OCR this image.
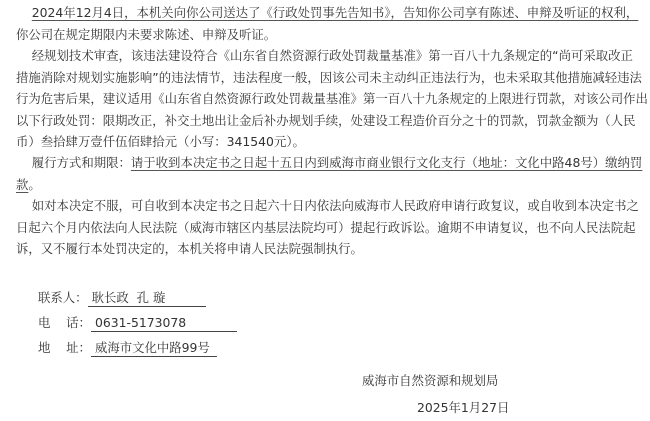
2024年12月4日，本机关向你公司送达了《行政处罚事先告知书》，告知你公司享有陈述、申辩及听证的权利，
你公司在规定期限内未要求陈述、申辩及听证。
经规划技术审查，该违法建设符合《山东省自然资源行政处罚裁量基准》第一百八十九条规定的“尚可采取改正
措施消除对规划实施影响”的违法情节，违法程度一般，因该公司未主动纠正违法行为，也未采取其他措施减轻违法
行为危害后果，建议适用《山东省自然资源行政处罚裁量基准》第一百八十九条规定的上限进行罚款，对该公司作出
以下行政处罚：限期改正，补交土地出让金后补办规划手续，处建设工程造价百分之十的罚款，罚款金额为（人民
币）叁拾肆万壹仟伍佰肆拾元（小写：341540元）。
履行方式和期限：请于收到本决定书之日起十五日内到威海市商业银行文化支行（地址：文化中路48号）缴纳罚
款。
如对本决定不服，可自收到本决定书之日起六十日内依法向威海市人民政府申请行政复议，或自收到本决定书之
日起六个月内依法向人民法院（威海市辖区内基层法院均可）提起行政诉讼。逾期不申请复议，也不向人民法院起
诉，又不履行本处罚决定的，本机关将申请人民法院强制执行。
联系人： 耿长政  孔 璇
电    话： 0631-5173078
地    址： 威海市文化中路99号
威海市自然资源和规划局
2025年1月27日
